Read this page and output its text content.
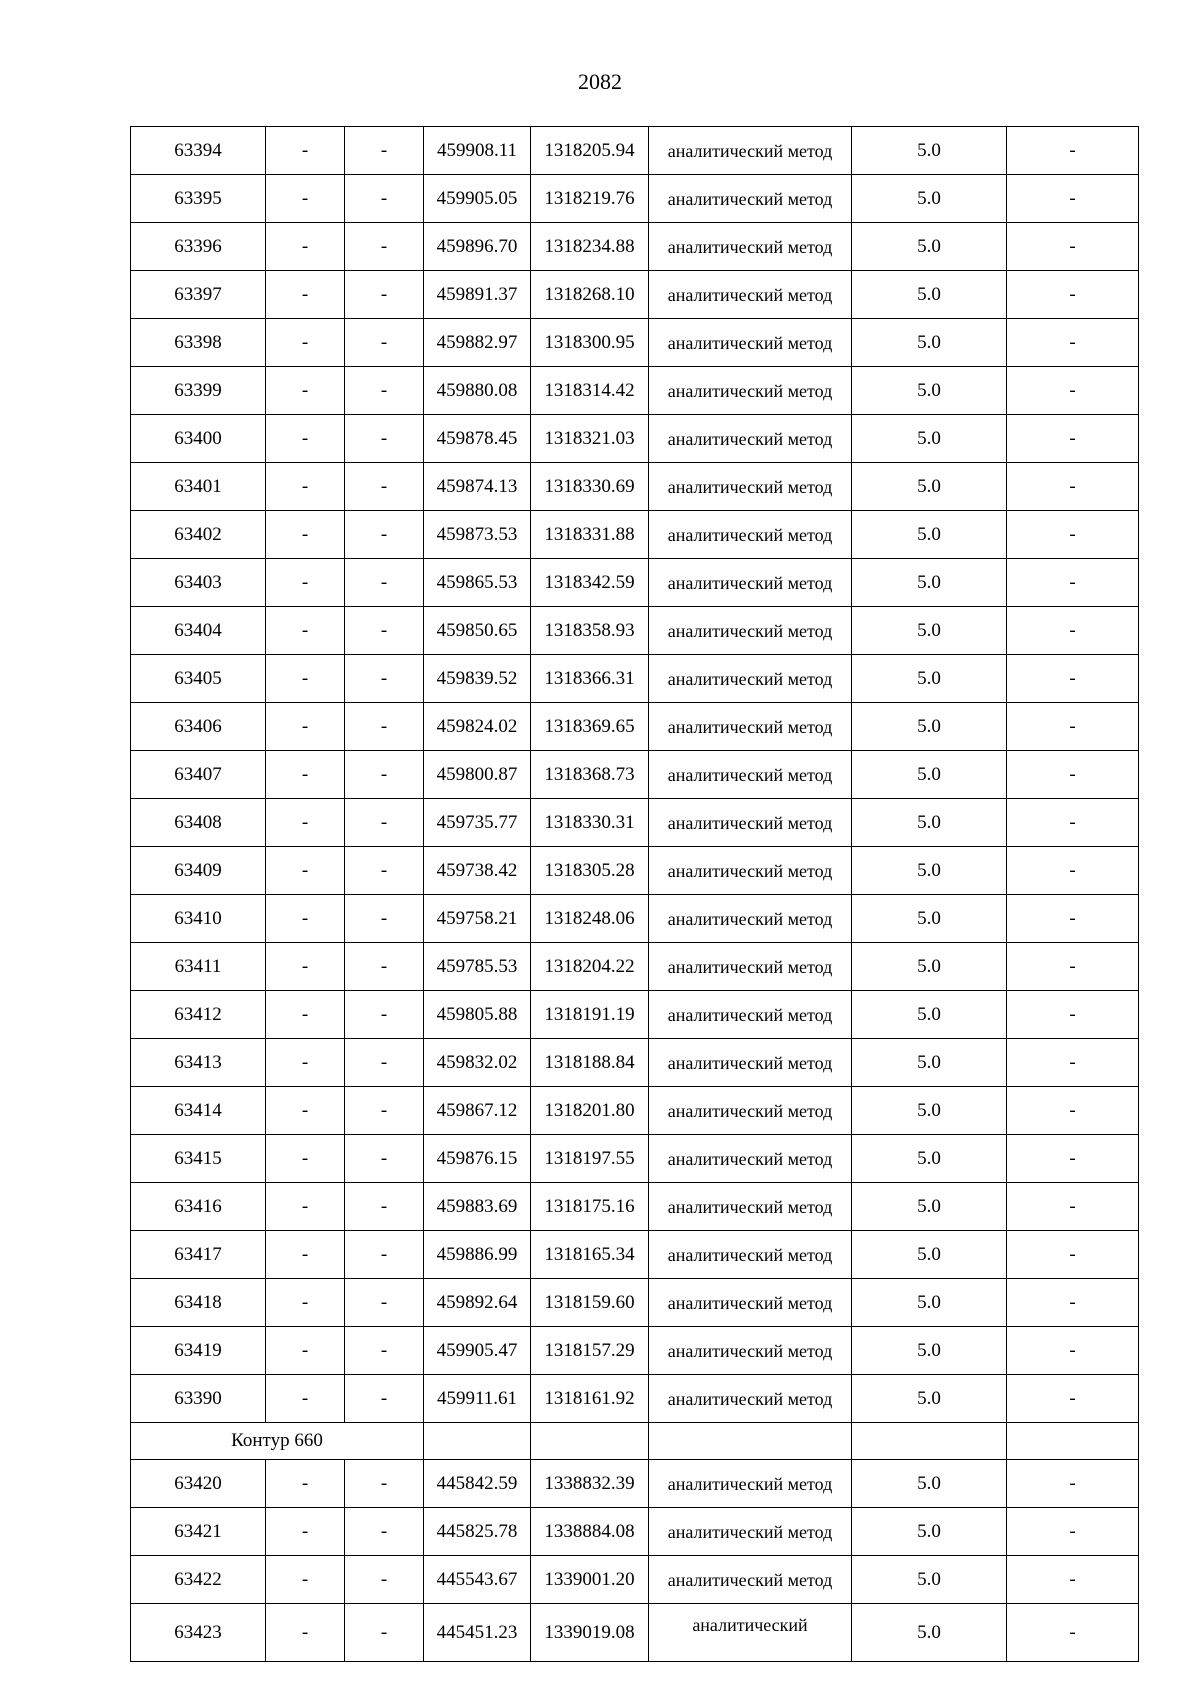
2082
63394	-	-	459908.11	1318205.94	аналитический метод	5.0	-
63395	-	-	459905.05	1318219.76	аналитический метод	5.0	-
63396	-	-	459896.70	1318234.88	аналитический метод	5.0	-
63397	-	-	459891.37	1318268.10	аналитический метод	5.0	-
63398	-	-	459882.97	1318300.95	аналитический метод	5.0	-
63399	-	-	459880.08	1318314.42	аналитический метод	5.0	-
63400	-	-	459878.45	1318321.03	аналитический метод	5.0	-
63401	-	-	459874.13	1318330.69	аналитический метод	5.0	-
63402	-	-	459873.53	1318331.88	аналитический метод	5.0	-
63403	-	-	459865.53	1318342.59	аналитический метод	5.0	-
63404	-	-	459850.65	1318358.93	аналитический метод	5.0	-
63405	-	-	459839.52	1318366.31	аналитический метод	5.0	-
63406	-	-	459824.02	1318369.65	аналитический метод	5.0	-
63407	-	-	459800.87	1318368.73	аналитический метод	5.0	-
63408	-	-	459735.77	1318330.31	аналитический метод	5.0	-
63409	-	-	459738.42	1318305.28	аналитический метод	5.0	-
63410	-	-	459758.21	1318248.06	аналитический метод	5.0	-
63411	-	-	459785.53	1318204.22	аналитический метод	5.0	-
63412	-	-	459805.88	1318191.19	аналитический метод	5.0	-
63413	-	-	459832.02	1318188.84	аналитический метод	5.0	-
63414	-	-	459867.12	1318201.80	аналитический метод	5.0	-
63415	-	-	459876.15	1318197.55	аналитический метод	5.0	-
63416	-	-	459883.69	1318175.16	аналитический метод	5.0	-
63417	-	-	459886.99	1318165.34	аналитический метод	5.0	-
63418	-	-	459892.64	1318159.60	аналитический метод	5.0	-
63419	-	-	459905.47	1318157.29	аналитический метод	5.0	-
63390	-	-	459911.61	1318161.92	аналитический метод	5.0	-
Контур 660							
63420	-	-	445842.59	1338832.39	аналитический метод	5.0	-
63421	-	-	445825.78	1338884.08	аналитический метод	5.0	-
63422	-	-	445543.67	1339001.20	аналитический метод	5.0	-
63423	-	-	445451.23	1339019.08	аналитический	5.0	-
